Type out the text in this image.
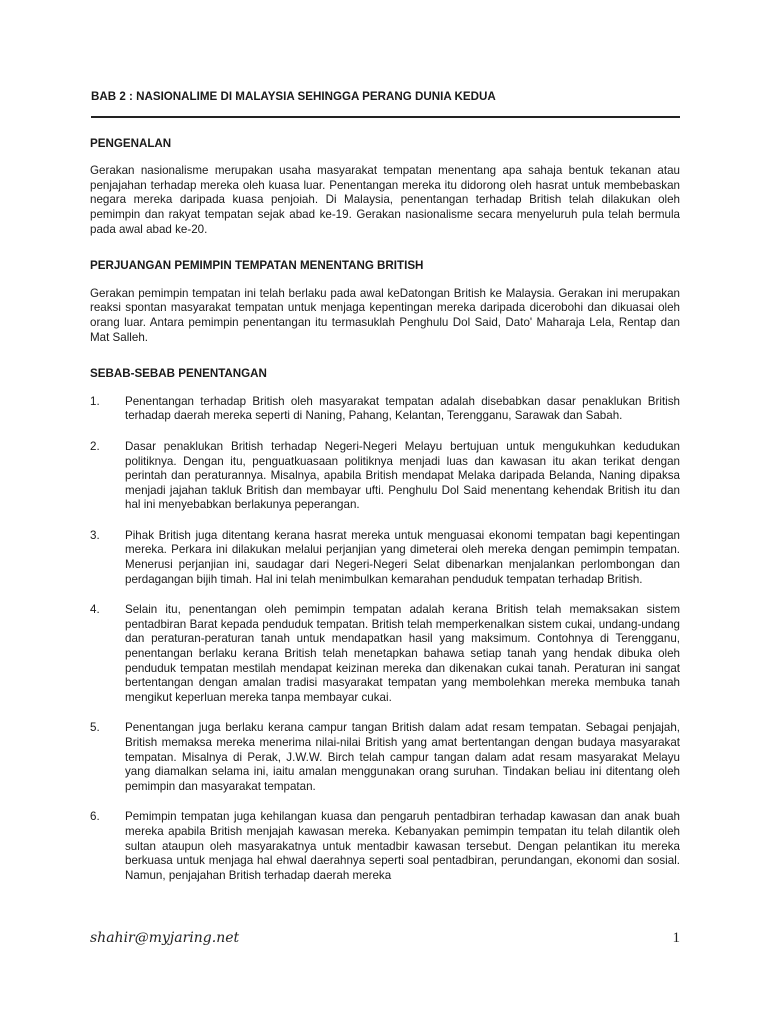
BAB 2 : NASIONALIME DI MALAYSIA SEHINGGA PERANG DUNIA KEDUA
PENGENALAN

Gerakan nasionalisme merupakan usaha masyarakat tempatan menentang apa sahaja bentuk tekanan atau penjajahan terhadap mereka oleh kuasa luar. Penentangan mereka itu didorong oleh hasrat untuk membebaskan negara mereka daripada kuasa penjoiah. Di Malaysia, penentangan terhadap British telah dilakukan oleh pemimpin dan rakyat tempatan sejak abad ke-19. Gerakan nasionalisme secara menyeluruh pula telah bermula pada awal abad ke-20.

PERJUANGAN PEMIMPIN TEMPATAN MENENTANG BRITISH

Gerakan pemimpin tempatan ini telah berlaku pada awal keDatongan British ke Malaysia. Gerakan ini merupakan reaksi spontan masyarakat tempatan untuk menjaga kepentingan mereka daripada dicerobohi dan dikuasai oleh orang luar. Antara pemimpin penentangan itu termasuklah Penghulu Dol Said, Dato' Maharaja Lela, Rentap dan Mat Salleh.

SEBAB-SEBAB PENENTANGAN
1.	Penentangan terhadap British oleh masyarakat tempatan adalah disebabkan dasar penaklukan British terhadap daerah mereka seperti di Naning, Pahang, Kelantan, Terengganu, Sarawak dan Sabah.
2.	Dasar penaklukan British terhadap Negeri-Negeri Melayu bertujuan untuk mengukuhkan kedudukan politiknya. Dengan itu, penguatkuasaan politiknya menjadi luas dan kawasan itu akan terikat dengan perintah dan peraturannya. Misalnya, apabila British mendapat Melaka daripada Belanda, Naning dipaksa menjadi jajahan takluk British dan membayar ufti. Penghulu Dol Said menentang kehendak British itu dan hal ini menyebabkan berlakunya peperangan.
3.	Pihak British juga ditentang kerana hasrat mereka untuk menguasai ekonomi tempatan bagi kepentingan mereka. Perkara ini dilakukan melalui perjanjian yang dimeterai oleh mereka dengan pemimpin tempatan. Menerusi perjanjian ini, saudagar dari Negeri-Negeri Selat dibenarkan menjalankan perlombongan dan perdagangan bijih timah. Hal ini telah menimbulkan kemarahan penduduk tempatan terhadap British.
4.	Selain itu, penentangan oleh pemimpin tempatan adalah kerana British telah memaksakan sistem pentadbiran Barat kepada penduduk tempatan. British telah memperkenalkan sistem cukai, undang-undang dan peraturan-peraturan tanah untuk mendapatkan hasil yang maksimum. Contohnya di Terengganu, penentangan berlaku kerana British telah menetapkan bahawa setiap tanah yang hendak dibuka oleh penduduk tempatan mestilah mendapat keizinan mereka dan dikenakan cukai tanah. Peraturan ini sangat bertentangan dengan amalan tradisi masyarakat tempatan yang membolehkan mereka membuka tanah mengikut keperluan mereka tanpa membayar cukai.
5.	Penentangan juga berlaku kerana campur tangan British dalam adat resam tempatan. Sebagai penjajah, British memaksa mereka menerima nilai-nilai British yang amat bertentangan dengan budaya masyarakat tempatan. Misalnya di Perak, J.W.W. Birch telah campur tangan dalam adat resam masyarakat Melayu yang diamalkan selama ini, iaitu amalan menggunakan orang suruhan. Tindakan beliau ini ditentang oleh pemimpin dan masyarakat tempatan.
6.	Pemimpin tempatan juga kehilangan kuasa dan pengaruh pentadbiran terhadap kawasan dan anak buah mereka apabila British menjajah kawasan mereka. Kebanyakan pemimpin tempatan itu telah dilantik oleh sultan ataupun oleh masyarakatnya untuk mentadbir kawasan tersebut. Dengan pelantikan itu mereka berkuasa untuk menjaga hal ehwal daerahnya seperti soal pentadbiran, perundangan, ekonomi dan sosial. Namun, penjajahan British terhadap daerah mereka
shahir@myjaring.net	1
